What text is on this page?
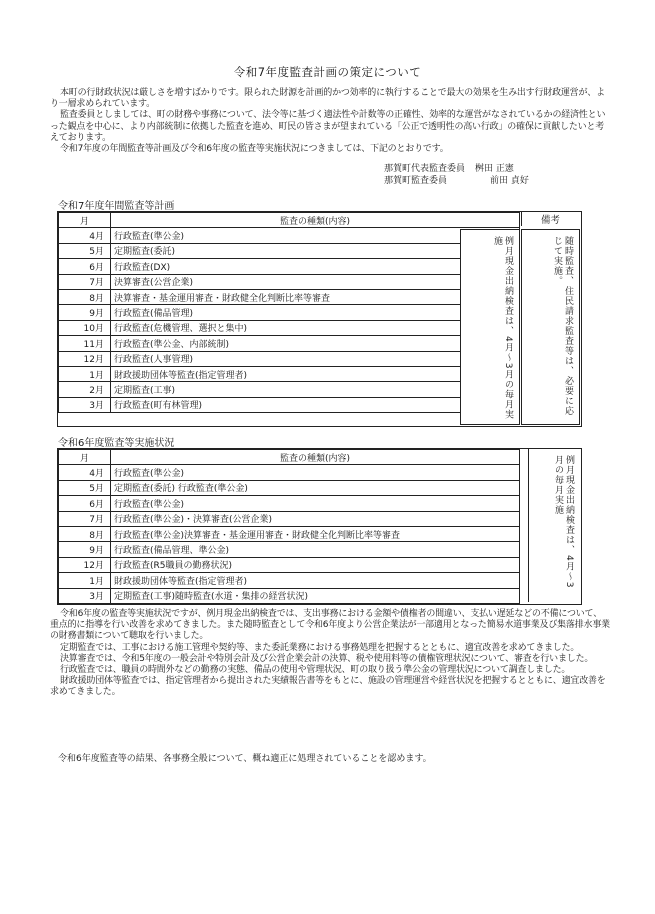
令和7年度監査計画の策定について

本町の行財政状況は厳しさを増すばかりです。限られた財源を計画的かつ効率的に執行することで最大の効果を生み出す行財政運営が、より一層求められています。

監査委員としましては、町の財務や事務について、法令等に基づく適法性や計数等の正確性、効率的な運営がなされているかの経済性といった観点を中心に、より内部統制に依拠した監査を進め、町民の皆さまが望まれている「公正で透明性の高い行政」の確保に貢献したいと考えております。

令和7年度の年間監査等計画及び令和6年度の監査等実施状況につきましては、下記のとおりです。

那賀町代表監査委員 桝田 正憲
那賀町監査委員	前田 貞好
令和7年度年間監査等計画
月	監査の種類(内容)
4月	行政監査(準公金)
5月	定期監査(委託)
6月	行政監査(DX)
7月	決算審査(公営企業)
8月	決算審査・基金運用審査・財政健全化判断比率等審査
9月	行政監査(備品管理)
10月	行政監査(危機管理、選択と集中)
11月	行政監査(準公金、内部統制)
12月	行政監査(人事管理)
1月	財政援助団体等監査(指定管理者)
2月	定期監査(工事)
3月	行政監査(町有林管理)
備考
例月現金出納検査は、4月～3月の毎月実施	随時監査、住民請求監査等は、必要に応じて実施。
令和6年度監査等実施状況
月	監査の種類(内容)
4月	行政監査(準公金)
5月	定期監査(委託) 行政監査(準公金)
6月	行政監査(準公金)
7月	行政監査(準公金)・決算審査(公営企業)
8月	行政監査(準公金)決算審査・基金運用審査・財政健全化判断比率等審査
9月	行政監査(備品管理、準公金)
12月	行政監査(R5職員の勤務状況)
1月	財政援助団体等監査(指定管理者)
3月	定期監査(工事)随時監査(水道・集排の経営状況)
例月現金出納検査は、4月～3月の毎月実施

令和6年度の監査等実施状況ですが、例月現金出納検査では、支出事務における金額や債権者の間違い、支払い遅延などの不備について、重点的に指導を行い改善を求めてきました。また随時監査として令和6年度より公営企業法が一部適用となった簡易水道事業及び集落排水事業の財務書類について聴取を行いました。

定期監査では、工事における施工管理や契約等、また委託業務における事務処理を把握するとともに、適宜改善を求めてきました。

決算審査では、令和5年度の一般会計や特別会計及び公営企業会計の決算、税や使用料等の債権管理状況について、審査を行いました。

行政監査では、職員の時間外などの勤務の実態、備品の使用や管理状況、町の取り扱う準公金の管理状況について調査しました。

財政援助団体等監査では、指定管理者から提出された実績報告書等をもとに、施設の管理運営や経営状況を把握するとともに、適宜改善を求めてきました。

令和6年度監査等の結果、各事務全般について、概ね適正に処理されていることを認めます。
